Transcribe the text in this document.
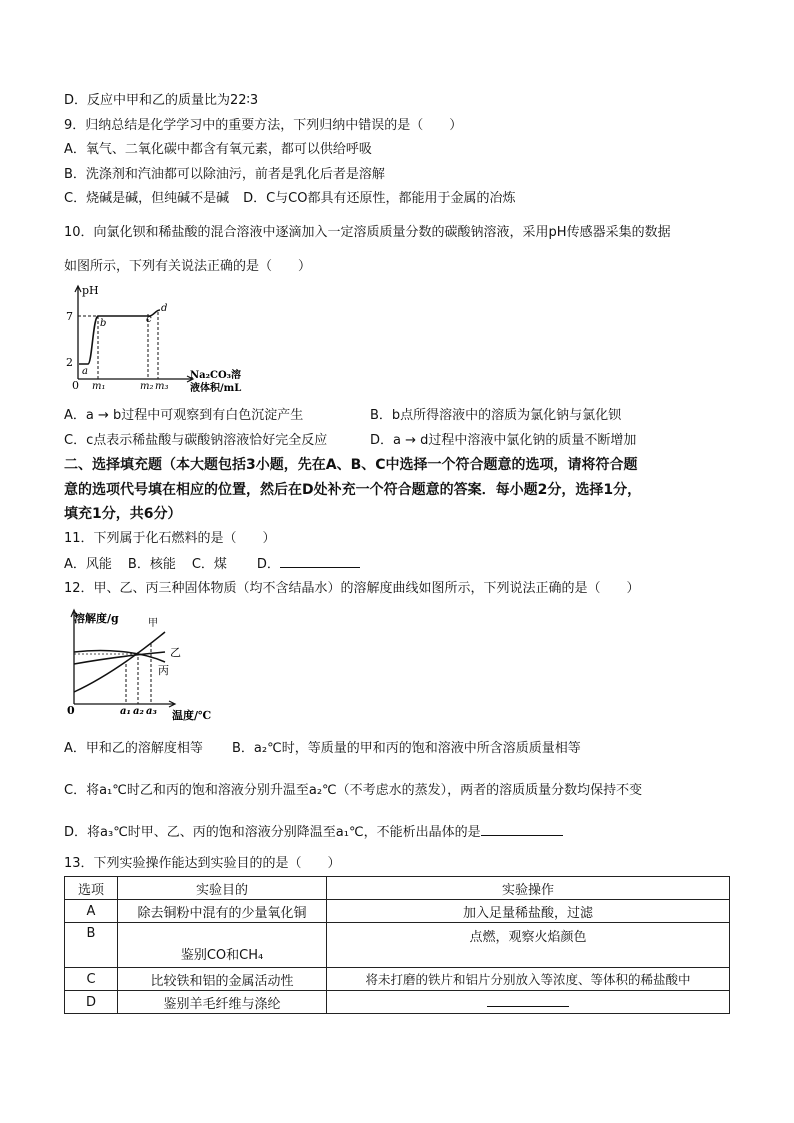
D．反应中甲和乙的质量比为22∶3
9．归纳总结是化学学习中的重要方法，下列归纳中错误的是（　　）
A．氧气、二氧化碳中都含有氧元素，都可以供给呼吸
B．洗涤剂和汽油都可以除油污，前者是乳化后者是溶解
C．烧碱是碱，但纯碱不是碱 D．C与CO都具有还原性，都能用于金属的冶炼
10．向氯化钡和稀盐酸的混合溶液中逐滴加入一定溶质质量分数的碳酸钠溶液，采用pH传感器采集的数据
如图所示，下列有关说法正确的是（　　）
pH
7
2
0
a
b	c
d
m₁	m₂ m₃
Na₂CO₃溶
液体积/mL
A．a → b过程中可观察到有白色沉淀产生	B．b点所得溶液中的溶质为氯化钠与氯化钡
C．c点表示稀盐酸与碳酸钠溶液恰好完全反应	D．a → d过程中溶液中氯化钠的质量不断增加
二、选择填充题（本大题包括3小题，先在A、B、C中选择一个符合题意的选项，请将符合题
意的选项代号填在相应的位置，然后在D处补充一个符合题意的答案．每小题2分，选择1分，
填充1分，共6分）
11．下列属于化石燃料的是（　　）
A．风能 B．核能 C．煤 D．
12．甲、乙、丙三种固体物质（均不含结晶水）的溶解度曲线如图所示，下列说法正确的是（　　）
溶解度/g	甲
乙
丙
0	a₁ a₂ a₃ 温度/℃
A．甲和乙的溶解度相等 B．a₂℃时，等质量的甲和丙的饱和溶液中所含溶质质量相等
C．将a₁℃时乙和丙的饱和溶液分别升温至a₂℃（不考虑水的蒸发），两者的溶质质量分数均保持不变
D．将a₃℃时甲、乙、丙的饱和溶液分别降温至a₁℃，不能析出晶体的是
13．下列实验操作能达到实验目的的是（　　）
选项	实验目的	实验操作
A	除去铜粉中混有的少量氧化铜	加入足量稀盐酸，过滤
B	鉴别CO和CH₄	点燃，观察火焰颜色
C	比较铁和铝的金属活动性	将未打磨的铁片和铝片分别放入等浓度、等体积的稀盐酸中
D	鉴别羊毛纤维与涤纶	
